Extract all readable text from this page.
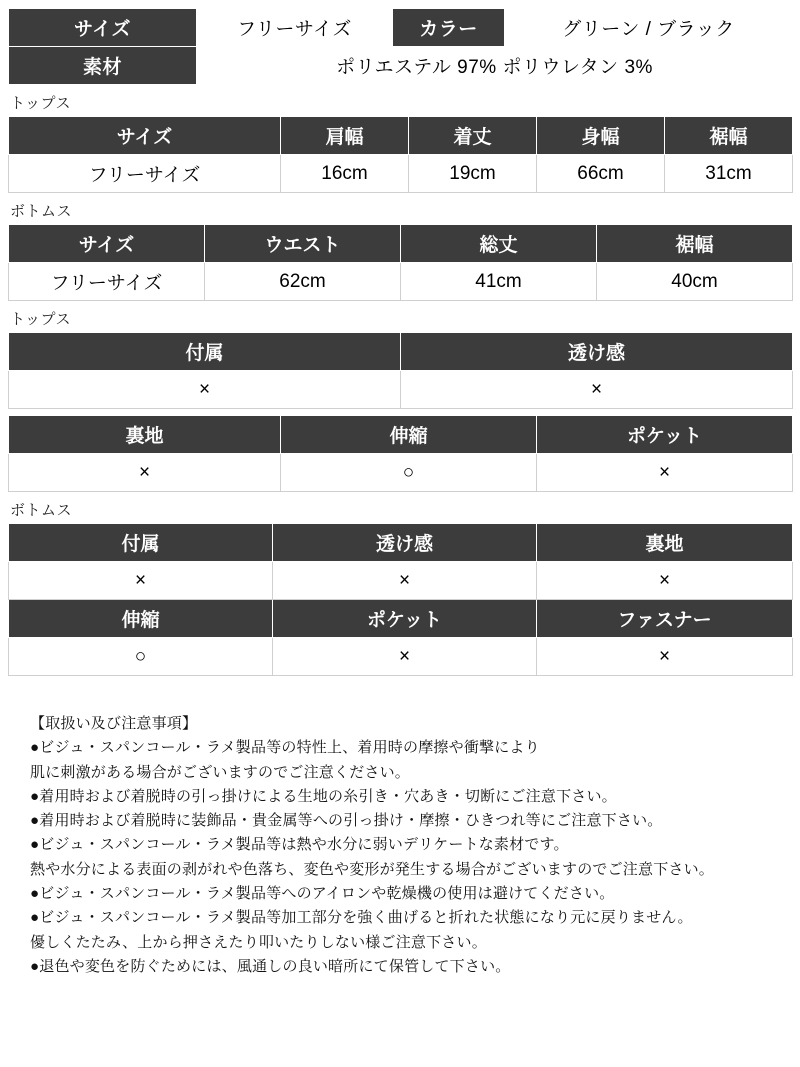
サイズ	フリーサイズ	カラー	グリーン / ブラック
素材	ポリエステル 97% ポリウレタン 3%		
トップス
サイズ	肩幅	着丈	身幅	裾幅
フリーサイズ	16cm	19cm	66cm	31cm
ボトムス
サイズ	ウエスト	総丈	裾幅
フリーサイズ	62cm	41cm	40cm
トップス
付属	透け感
×	×
裏地	伸縮	ポケット
×	○	×
ボトムス
付属	透け感	裏地
×	×	×
伸縮	ポケット	ファスナー
○	×	×
【取扱い及び注意事項】
●ビジュ・スパンコール・ラメ製品等の特性上、着用時の摩擦や衝撃により
肌に刺激がある場合がございますのでご注意ください。
●着用時および着脱時の引っ掛けによる生地の糸引き・穴あき・切断にご注意下さい。
●着用時および着脱時に装飾品・貴金属等への引っ掛け・摩擦・ひきつれ等にご注意下さい。
●ビジュ・スパンコール・ラメ製品等は熱や水分に弱いデリケートな素材です。
熱や水分による表面の剥がれや色落ち、変色や変形が発生する場合がございますのでご注意下さい。
●ビジュ・スパンコール・ラメ製品等へのアイロンや乾燥機の使用は避けてください。
●ビジュ・スパンコール・ラメ製品等加工部分を強く曲げると折れた状態になり元に戻りません。
優しくたたみ、上から押さえたり叩いたりしない様ご注意下さい。
●退色や変色を防ぐためには、風通しの良い暗所にて保管して下さい。
